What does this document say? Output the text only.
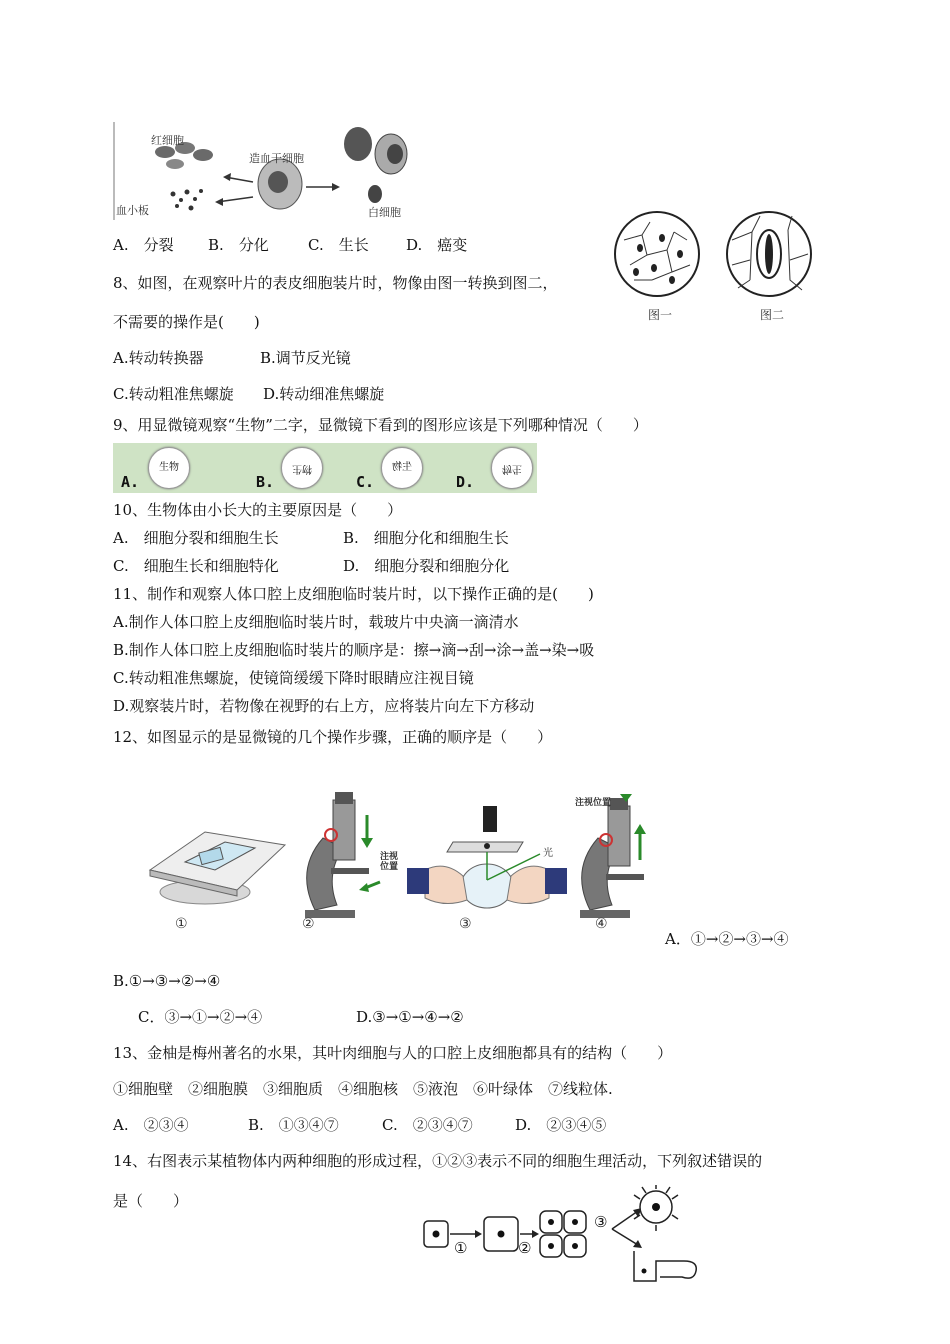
红细胞
造血干细胞
血小板	白细胞
A.　分裂 B.　分化	C.　生长 D.　癌变
图一	图二
8、如图，在观察叶片的表皮细胞装片时，物像由图一转换到图二，
不需要的操作是(　　)
A.转动转换器	B.调节反光镜
C.转动粗准焦螺旋 D.转动细准焦螺旋
9、用显微镜观察“生物”二字，显微镜下看到的图形应该是下列哪种情况（　　）
A.
生物
B.
物生
C.
生物
D.
物生
10、生物体由小长大的主要原因是（　　）
A.　细胞分裂和细胞生长	B.　细胞分化和细胞生长
C.　细胞生长和细胞特化	D.　细胞分裂和细胞分化
11、制作和观察人体口腔上皮细胞临时装片时，以下操作正确的是(　　)
A.制作人体口腔上皮细胞临时装片时，载玻片中央滴一滴清水
B.制作人体口腔上皮细胞临时装片的顺序是：擦→滴→刮→涂→盖→染→吸
C.转动粗准焦螺旋，使镜筒缓缓下降时眼睛应注视目镜
D.观察装片时，若物像在视野的右上方，应将装片向左下方移动
12、如图显示的是显微镜的几个操作步骤，正确的顺序是（　　）
①	②	③	④
注视
位置
光
注视位置
A．①→②→③→④
B.①→③→②→④
C．③→①→②→④	D.③→①→④→②
13、金柚是梅州著名的水果，其叶肉细胞与人的口腔上皮细胞都具有的结构（　　）
①细胞壁　②细胞膜　③细胞质　④细胞核　⑤液泡　⑥叶绿体　⑦线粒体.
A.　②③④	B.　①③④⑦	C.　②③④⑦	D.　②③④⑤
14、右图表示某植物体内两种细胞的形成过程，①②③表示不同的细胞生理活动，下列叙述错误的
是（　　）
①	②
③
